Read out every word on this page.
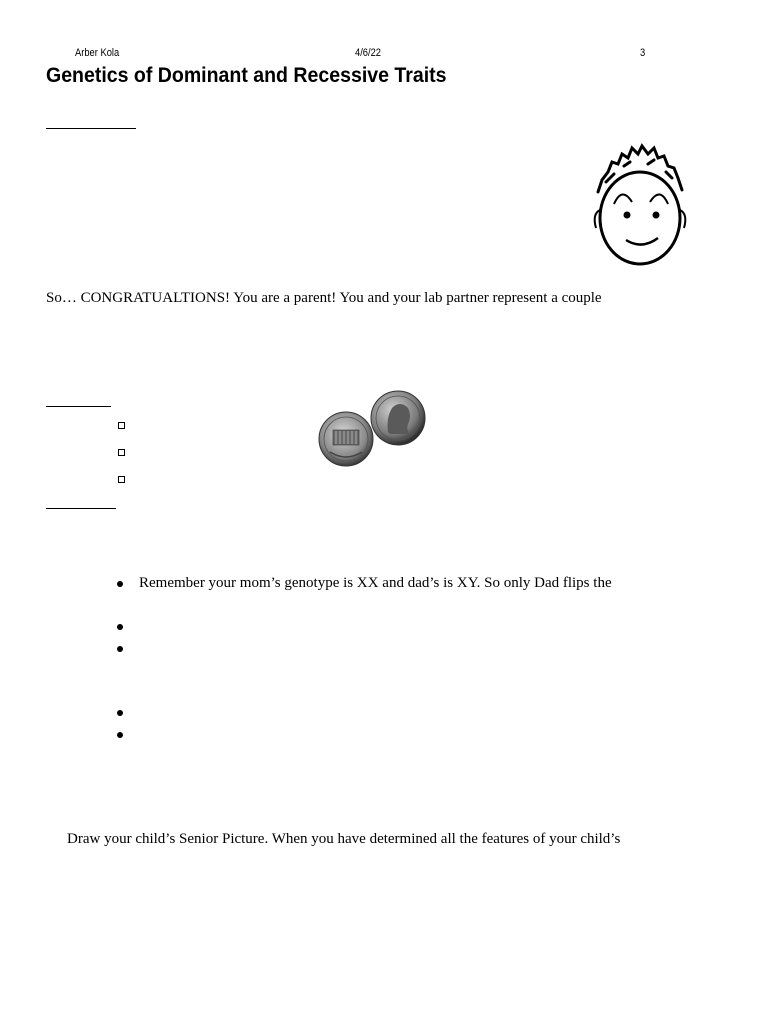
Arber Kola	4/6/22	3
Genetics of Dominant and Recessive Traits
So… CONGRATUALTIONS! You are a parent! You and your lab partner represent a couple
Remember your mom’s genotype is XX and dad’s is XY. So only Dad flips the
Draw your child’s Senior Picture. When you have determined all the features of your child’s
